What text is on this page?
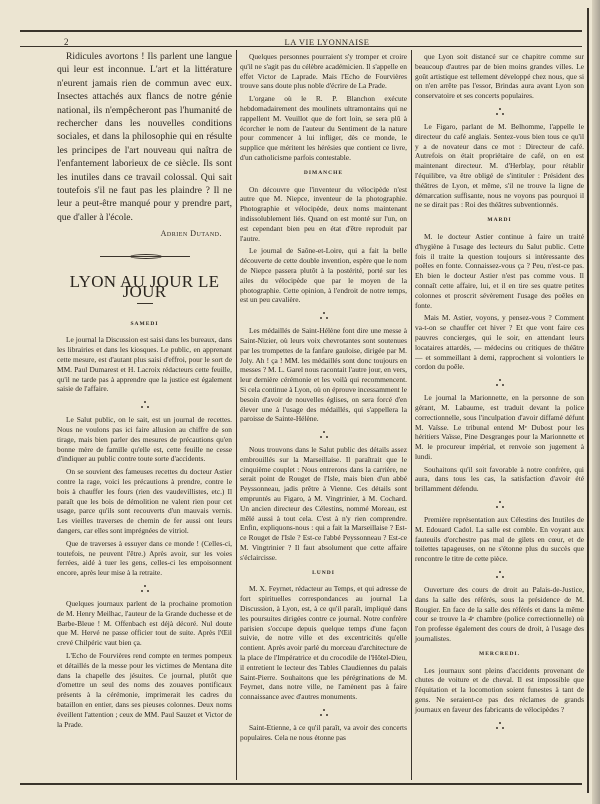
2	LA VIE LYONNAISE

Ridicules avortons ! Ils parlent une langue qui leur est inconnue. L'art et la littérature n'eurent jamais rien de commun avec eux. Insectes attachés aux flancs de notre génie national, ils n'empêcheront pas l'humanité de rechercher dans les nouvelles conditions sociales, et dans la philosophie qui en résulte les principes de l'art nouveau qui naîtra de l'enfantement laborieux de ce siècle. Ils sont les inutiles dans ce travail colossal. Qui sait toutefois s'il ne faut pas les plaindre ? Il ne leur a peut-être manqué pour y prendre part, que d'aller à l'école.

Adrien Dutand.
LYON AU JOUR LE JOUR
SAMEDI

Le journal la Discussion est saisi dans les bureaux, dans les librairies et dans les kiosques. Le public, en apprenant cette mesure, est d'autant plus saisi d'effroi, pour le sort de MM. Paul Dumarest et H. Lacroix rédacteurs cette feuille, qu'il ne tarde pas à apprendre que la justice est également saisie de l'affaire.

Le Salut public, on le sait, est un journal de recettes. Nous ne voulons pas ici faire allusion au chiffre de son tirage, mais bien parler des mesures de précautions qu'en bonne mère de famille qu'elle est, cette feuille ne cesse d'indiquer au public contre toute sorte d'accidents.

On se souvient des fameuses recettes du docteur Astier contre la rage, voici les précautions à prendre, contre le bois à chauffer les fours (rien des vaudevillistes, etc.) Il paraît que les bois de démolition ne valent rien pour cet usage, parce qu'ils sont recouverts d'un mauvais vernis. Les vieilles traverses de chemin de fer aussi ont leurs dangers, car elles sont imprégnées de vitriol.

Que de traverses à essuyer dans ce monde ! (Celles-ci, toutefois, ne peuvent l'être.) Après avoir, sur les voies ferrées, aidé à tuer les gens, celles-ci les empoisonnent encore, après leur mise à la retraite.

Quelques journaux parlent de la prochaine promotion de M. Henry Meilhac, l'auteur de la Grande duchesse et de Barbe-Bleue ! M. Offenbach est déjà décoré. Nul doute que M. Hervé ne passe officier tout de suite. Après l'Œil crevé Chilpéric vaut bien ça.

L'Echo de Fourvières rend compte en termes pompeux et détaillés de la messe pour les victimes de Mentana dite dans la chapelle des jésuites. Ce journal, plutôt que d'omettre un seul des noms des zouaves pontificaux présents à la cérémonie, imprimerait les cadres du bataillon en entier, dans ses pieuses colonnes. Deux noms éveillent l'attention ; ceux de MM. Paul Sauzet et Victor de la Prade.

Quelques personnes pourraient s'y tromper et croire qu'il ne s'agit pas du célèbre académicien. Il s'appelle en effet Victor de Laprade. Mais l'Echo de Fourvières trouve sans doute plus noble d'écrire de La Prade.

L'organe où le R. P. Blanchon exécute hebdomadairement des moulinets ultramontains qui ne rappellent M. Veuillot que de fort loin, se sera plû à écorcher le nom de l'auteur du Sentiment de la nature pour commencer à lui infliger, dès ce monde, le supplice que méritent les hérésies que contient ce livre, d'un catholicisme parfois contestable.

DIMANCHE

On découvre que l'inventeur du vélocipède n'est autre que M. Niepce, inventeur de la photographie. Photographie et vélocipède, deux noms maintenant indissolublement liés. Quand on est monté sur l'un, on est cependant bien peu en état d'être reproduit par l'autre.

Le journal de Saône-et-Loire, qui a fait la belle découverte de cette double invention, espère que le nom de Niepce passera plutôt à la postérité, porté sur les ailes du vélocipède que par le moyen de la photographie. Cette opinion, à l'endroit de notre temps, est un peu cavalière.

Les médaillés de Saint-Hélène font dire une messe à Saint-Nizier, où leurs voix chevrotantes sont soutenues par les trompettes de la fanfare gauloise, dirigée par M. Joly. Ah ! ça ! MM. les médaillés sont donc toujours en messes ? M. L. Garel nous racontait l'autre jour, en vers, leur dernière cérémonie et les voilà qui recommencent. Si cela continue à Lyon, où on éprouve incessamment le besoin d'avoir de nouvelles églises, on sera forcé d'en élever une à l'usage des médaillés, qui s'appellera la paroisse de Sainte-Hélène.

Nous trouvons dans le Salut public des détails assez embrouillés sur la Marseillaise. Il paraîtrait que le cinquième couplet : Nous entrerons dans la carrière, ne serait point de Rouget de l'Isle, mais bien d'un abbé Peyssonneau, jadis prêtre à Vienne. Ces détails sont empruntés au Figaro, à M. Vingtrinier, à M. Cochard. Un ancien directeur des Célestins, nommé Moreau, est mêlé aussi à tout cela. C'est à n'y rien comprendre. Enfin, expliquons-nous : qui a fait la Marseillaise ? Est-ce Rouget de l'Isle ? Est-ce l'abbé Peyssonneau ? Est-ce M. Vingtrinier ? Il faut absolument que cette affaire s'éclaircisse.

LUNDI

M. X. Feyrnet, rédacteur au Temps, et qui adresse de fort spirituelles correspondances au journal La Discussion, à Lyon, est, à ce qu'il paraît, impliqué dans les poursuites dirigées contre ce journal. Notre confrère parisien s'occupe depuis quelque temps d'une façon suivie, de notre ville et des excentricités qu'elle contient. Après avoir parlé du morceau d'architecture de la place de l'Impératrice et du crocodile de l'Hôtel-Dieu, il entretient le lecteur des Tables Claudiennes du palais Saint-Pierre. Souhaitons que les pérégrinations de M. Feyrnet, dans notre ville, ne l'amènent pas à faire connaissance avec d'autres monuments.

Saint-Etienne, à ce qu'il paraît, va avoir des concerts populaires. Cela ne nous étonne pas

que Lyon soit distancé sur ce chapitre comme sur beaucoup d'autres par de bien moins grandes villes. Le goût artistique est tellement développé chez nous, que si on n'en arrête pas l'essor, Brindas aura avant Lyon son conservatoire et ses concerts populaires.

Le Figaro, parlant de M. Belhomme, l'appelle le directeur du café anglais. Sentez-vous bien tous ce qu'il y a de novateur dans ce mot : Directeur de café. Autrefois on était propriétaire de café, on en est maintenant directeur. M. d'Herblay, pour rétablir l'équilibre, va être obligé de s'intituler : Président des théâtres de Lyon, et même, s'il ne trouve la ligne de démarcation suffisante, nous ne voyons pas pourquoi il ne se dirait pas : Roi des théâtres subventionnés.

MARDI

M. le docteur Astier continue à faire un traité d'hygiène à l'usage des lecteurs du Salut public. Cette fois il traite la question toujours si intéressante des poêles en fonte. Connaissez-vous ça ? Peu, n'est-ce pas. Eh bien le docteur Astier n'est pas comme vous. Il connaît cette affaire, lui, et il en tire ses quatre petites colonnes et proscrit sévèrement l'usage des poêles en fonte.

Mais M. Astier, voyons, y pensez-vous ? Comment va-t-on se chauffer cet hiver ? Et que vont faire ces pauvres concierges, qui le soir, en attendant leurs locataires attardés, — médecins ou critiques de théâtre — et sommeillant à demi, rapprochent si volontiers le cordon du poêle.

Le journal la Marionnette, en la personne de son gérant, M. Labaume, est traduit devant la police correctionnelle, sous l'inculpation d'avoir diffamé défunt M. Vaïsse. Le tribunal entend Mᵉ Dubost pour les héritiers Vaïsse, Pine Desgranges pour la Marionnette et M. le procureur impérial, et renvoie son jugement à lundi.

Souhaitons qu'il soit favorable à notre confrère, qui aura, dans tous les cas, la satisfaction d'avoir été brillamment défendu.

Première représentation aux Célestins des Inutiles de M. Edouard Cadol. La salle est comble. En voyant aux fauteuils d'orchestre pas mal de gilets en cœur, et de toilettes tapageuses, on ne s'étonne plus du succès que rencontre le titre de cette pièce.

Ouverture des cours de droit au Palais-de-Justice, dans la salle des référés, sous la présidence de M. Rougier. En face de la salle des référés et dans la même cour se trouve la 4ᵉ chambre (police correctionnelle) où l'on professe également des cours de droit, à l'usage des journalistes.

MERCREDI.

Les journaux sont pleins d'accidents provenant de chutes de voiture et de cheval. Il est impossible que l'équitation et la locomotion soient funestes à tant de gens. Ne seraient-ce pas des réclames de grands journaux en faveur des fabricants de vélocipèdes ?
